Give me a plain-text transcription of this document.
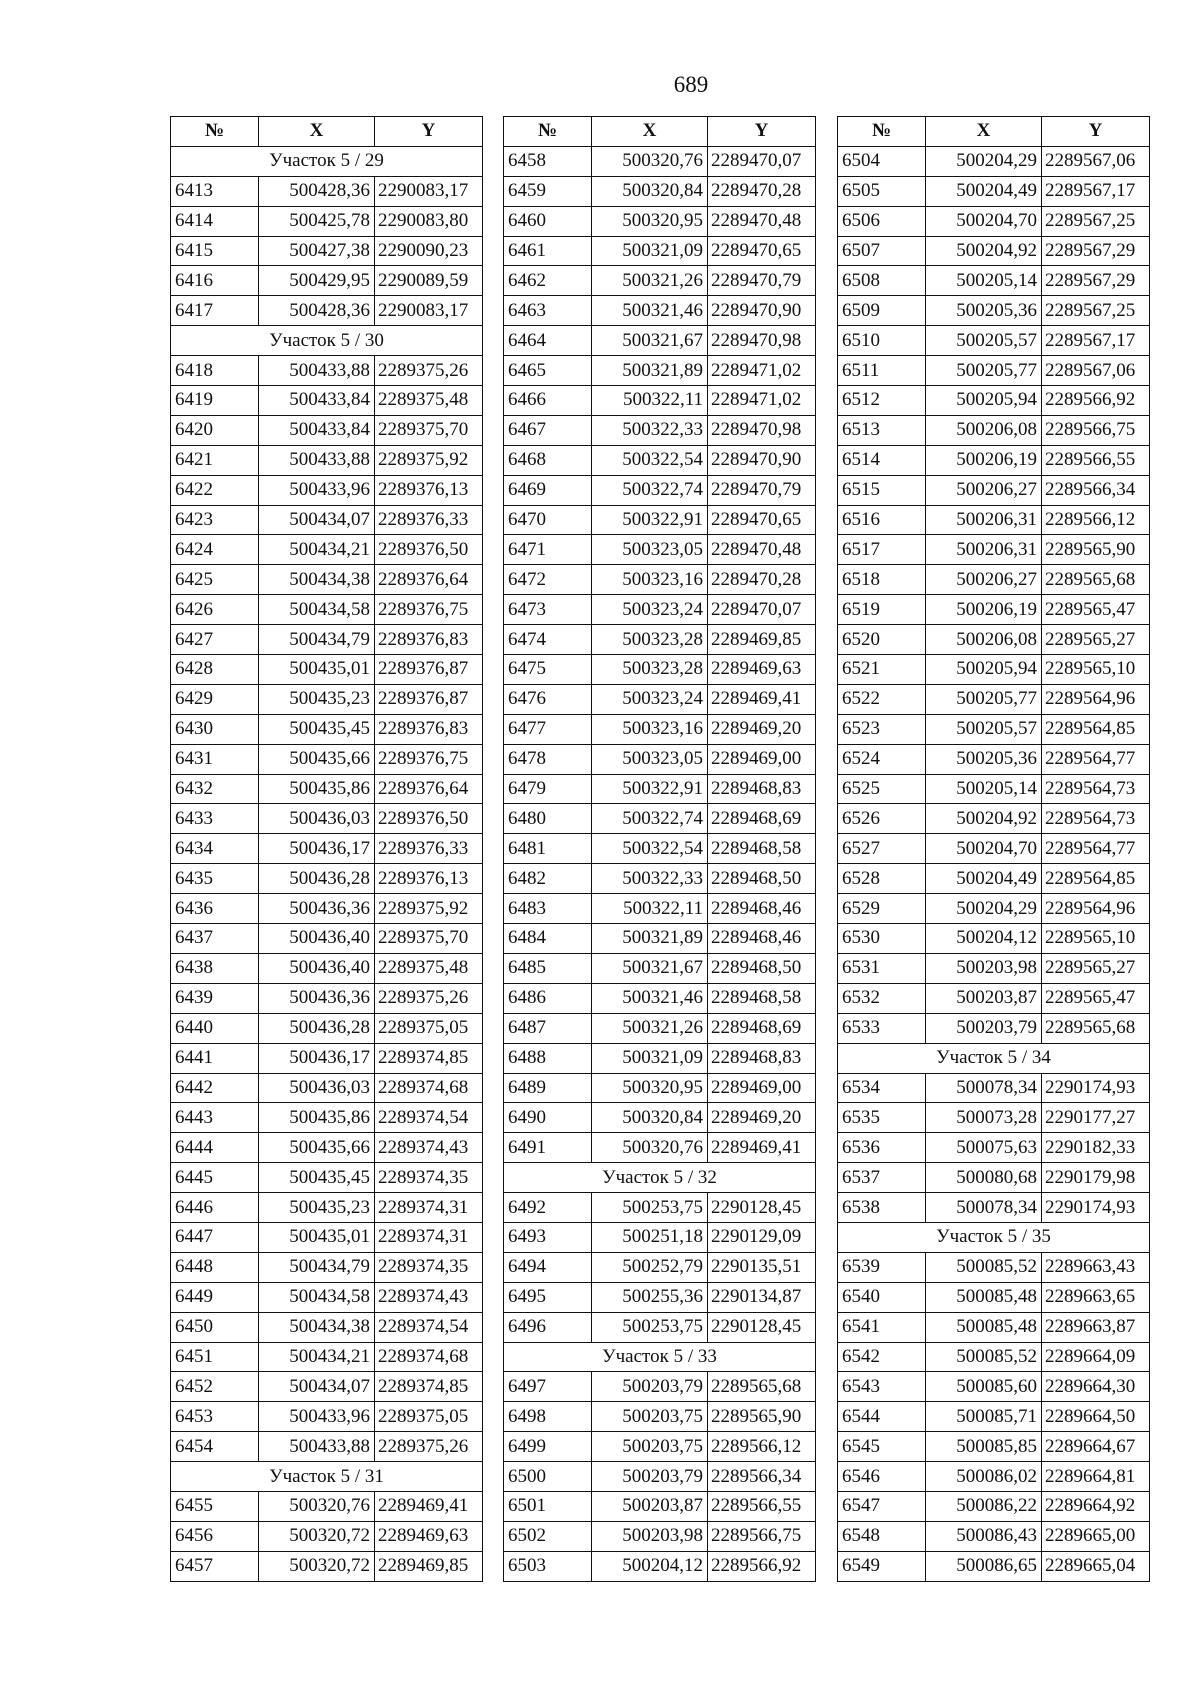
689
№	X	Y
Участок 5 / 29		
6413	500428,36	2290083,17
6414	500425,78	2290083,80
6415	500427,38	2290090,23
6416	500429,95	2290089,59
6417	500428,36	2290083,17
Участок 5 / 30		
6418	500433,88	2289375,26
6419	500433,84	2289375,48
6420	500433,84	2289375,70
6421	500433,88	2289375,92
6422	500433,96	2289376,13
6423	500434,07	2289376,33
6424	500434,21	2289376,50
6425	500434,38	2289376,64
6426	500434,58	2289376,75
6427	500434,79	2289376,83
6428	500435,01	2289376,87
6429	500435,23	2289376,87
6430	500435,45	2289376,83
6431	500435,66	2289376,75
6432	500435,86	2289376,64
6433	500436,03	2289376,50
6434	500436,17	2289376,33
6435	500436,28	2289376,13
6436	500436,36	2289375,92
6437	500436,40	2289375,70
6438	500436,40	2289375,48
6439	500436,36	2289375,26
6440	500436,28	2289375,05
6441	500436,17	2289374,85
6442	500436,03	2289374,68
6443	500435,86	2289374,54
6444	500435,66	2289374,43
6445	500435,45	2289374,35
6446	500435,23	2289374,31
6447	500435,01	2289374,31
6448	500434,79	2289374,35
6449	500434,58	2289374,43
6450	500434,38	2289374,54
6451	500434,21	2289374,68
6452	500434,07	2289374,85
6453	500433,96	2289375,05
6454	500433,88	2289375,26
Участок 5 / 31		
6455	500320,76	2289469,41
6456	500320,72	2289469,63
6457	500320,72	2289469,85
№	X	Y
6458	500320,76	2289470,07
6459	500320,84	2289470,28
6460	500320,95	2289470,48
6461	500321,09	2289470,65
6462	500321,26	2289470,79
6463	500321,46	2289470,90
6464	500321,67	2289470,98
6465	500321,89	2289471,02
6466	500322,11	2289471,02
6467	500322,33	2289470,98
6468	500322,54	2289470,90
6469	500322,74	2289470,79
6470	500322,91	2289470,65
6471	500323,05	2289470,48
6472	500323,16	2289470,28
6473	500323,24	2289470,07
6474	500323,28	2289469,85
6475	500323,28	2289469,63
6476	500323,24	2289469,41
6477	500323,16	2289469,20
6478	500323,05	2289469,00
6479	500322,91	2289468,83
6480	500322,74	2289468,69
6481	500322,54	2289468,58
6482	500322,33	2289468,50
6483	500322,11	2289468,46
6484	500321,89	2289468,46
6485	500321,67	2289468,50
6486	500321,46	2289468,58
6487	500321,26	2289468,69
6488	500321,09	2289468,83
6489	500320,95	2289469,00
6490	500320,84	2289469,20
6491	500320,76	2289469,41
Участок 5 / 32		
6492	500253,75	2290128,45
6493	500251,18	2290129,09
6494	500252,79	2290135,51
6495	500255,36	2290134,87
6496	500253,75	2290128,45
Участок 5 / 33		
6497	500203,79	2289565,68
6498	500203,75	2289565,90
6499	500203,75	2289566,12
6500	500203,79	2289566,34
6501	500203,87	2289566,55
6502	500203,98	2289566,75
6503	500204,12	2289566,92
№	X	Y
6504	500204,29	2289567,06
6505	500204,49	2289567,17
6506	500204,70	2289567,25
6507	500204,92	2289567,29
6508	500205,14	2289567,29
6509	500205,36	2289567,25
6510	500205,57	2289567,17
6511	500205,77	2289567,06
6512	500205,94	2289566,92
6513	500206,08	2289566,75
6514	500206,19	2289566,55
6515	500206,27	2289566,34
6516	500206,31	2289566,12
6517	500206,31	2289565,90
6518	500206,27	2289565,68
6519	500206,19	2289565,47
6520	500206,08	2289565,27
6521	500205,94	2289565,10
6522	500205,77	2289564,96
6523	500205,57	2289564,85
6524	500205,36	2289564,77
6525	500205,14	2289564,73
6526	500204,92	2289564,73
6527	500204,70	2289564,77
6528	500204,49	2289564,85
6529	500204,29	2289564,96
6530	500204,12	2289565,10
6531	500203,98	2289565,27
6532	500203,87	2289565,47
6533	500203,79	2289565,68
Участок 5 / 34		
6534	500078,34	2290174,93
6535	500073,28	2290177,27
6536	500075,63	2290182,33
6537	500080,68	2290179,98
6538	500078,34	2290174,93
Участок 5 / 35		
6539	500085,52	2289663,43
6540	500085,48	2289663,65
6541	500085,48	2289663,87
6542	500085,52	2289664,09
6543	500085,60	2289664,30
6544	500085,71	2289664,50
6545	500085,85	2289664,67
6546	500086,02	2289664,81
6547	500086,22	2289664,92
6548	500086,43	2289665,00
6549	500086,65	2289665,04
